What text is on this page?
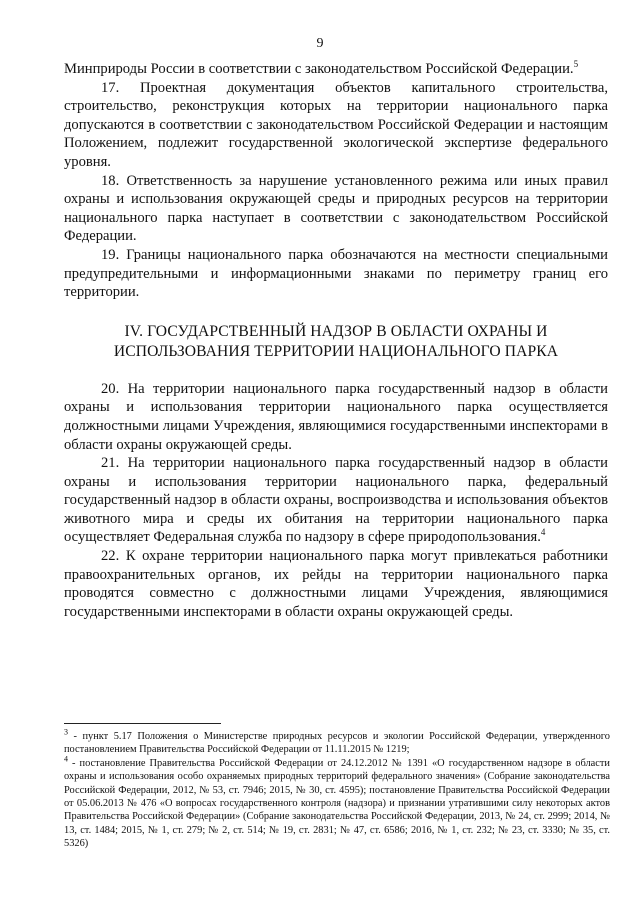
9

Минприроды России в соответствии с законодательством Российской Федерации.$^5$

17. Проектная документация объектов капитального строительства, строительство, реконструкция которых на территории национального парка допускаются в соответствии с законодательством Российской Федерации и настоящим Положением, подлежит государственной экологической экспертизе федерального уровня.

18. Ответственность за нарушение установленного режима или иных правил охраны и использования окружающей среды и природных ресурсов на территории национального парка наступает в соответствии с законодательством Российской Федерации.

19. Границы национального парка обозначаются на местности специальными предупредительными и информационными знаками по периметру границ его территории.

IV. ГОСУДАРСТВЕННЫЙ НАДЗОР В ОБЛАСТИ ОХРАНЫ И
ИСПОЛЬЗОВАНИЯ ТЕРРИТОРИИ НАЦИОНАЛЬНОГО ПАРКА

20. На территории национального парка государственный надзор в области охраны и использования территории национального парка осуществляется должностными лицами Учреждения, являющимися государственными инспекторами в области охраны окружающей среды.

21. На территории национального парка государственный надзор в области охраны и использования территории национального парка, федеральный государственный надзор в области охраны, воспроизводства и использования объектов животного мира и среды их обитания на территории национального парка осуществляет Федеральная служба по надзору в сфере природопользования.$^4$

22. К охране территории национального парка могут привлекаться работники правоохранительных органов, их рейды на территории национального парка проводятся совместно с должностными лицами Учреждения, являющимися государственными инспекторами в области охраны окружающей среды.

$^3$ - пункт 5.17 Положения о Министерстве природных ресурсов и экологии Российской Федерации, утвержденного постановлением Правительства Российской Федерации от 11.11.2015 № 1219;

$^4$ - постановление Правительства Российской Федерации от 24.12.2012 № 1391 «О государственном надзоре в области охраны и использования особо охраняемых природных территорий федерального значения» (Собрание законодательства Российской Федерации, 2012, № 53, ст. 7946; 2015, № 30, ст. 4595); постановление Правительства Российской Федерации от 05.06.2013 № 476 «О вопросах государственного контроля (надзора) и признании утратившими силу некоторых актов Правительства Российской Федерации» (Собрание законодательства Российской Федерации, 2013, № 24, ст. 2999; 2014, № 13, ст. 1484; 2015, № 1, ст. 279; № 2, ст. 514; № 19, ст. 2831; № 47, ст. 6586; 2016, № 1, ст. 232; № 23, ст. 3330; № 35, ст. 5326)
